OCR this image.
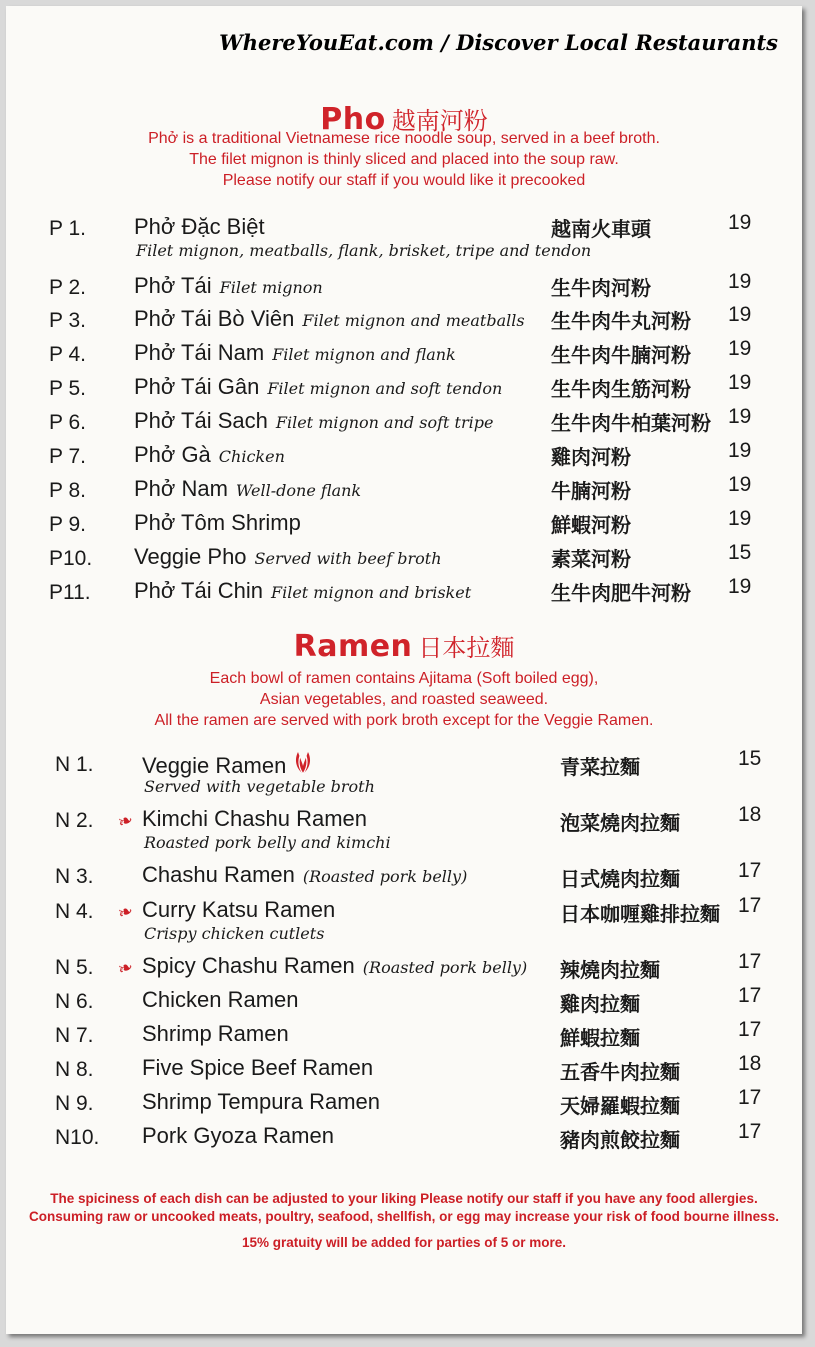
WhereYouEat.com / Discover Local Restaurants
Pho 越南河粉
Phở is a traditional Vietnamese rice noodle soup, served in a beef broth.
The filet mignon is thinly sliced and placed into the soup raw.
Please notify our staff if you would like it precooked
P 1. Phở Đặc Biệt
Filet mignon, meatballs, flank, brisket, tripe and tendon
越南火車頭	19
P 2. Phở Tái Filet mignon	生牛肉河粉	19
P 3. Phở Tái Bò Viên Filet mignon and meatballs 生牛肉牛丸河粉 19
P 4. Phở Tái Nam Filet mignon and flank	生牛肉牛腩河粉 19
P 5. Phở Tái Gân Filet mignon and soft tendon 生牛肉生筋河粉 19
P 6. Phở Tái Sach Filet mignon and soft tripe	生牛肉牛柏葉河粉 19
P 7. Phở Gà Chicken	雞肉河粉	19
P 8. Phở Nam Well-done flank	牛腩河粉	19
P 9. Phở Tôm Shrimp	鮮蝦河粉	19
P10. Veggie Pho Served with beef broth	素菜河粉	15
P11. Phở Tái Chin Filet mignon and brisket	生牛肉肥牛河粉 19
Ramen 日本拉麵
Each bowl of ramen contains Ajitama (Soft boiled egg),
Asian vegetables, and roasted seaweed.
All the ramen are served with pork broth except for the Veggie Ramen.
N 1. Veggie Ramen
Served with vegetable broth
青菜拉麵	15
N 2. ❧ Kimchi Chashu Ramen
Roasted pork belly and kimchi
泡菜燒肉拉麵	18
N 3. Chashu Ramen (Roasted pork belly)	日式燒肉拉麵	17
N 4. ❧ Curry Katsu Ramen
Crispy chicken cutlets
日本咖喱雞排拉麵 17
N 5. ❧ Spicy Chashu Ramen (Roasted pork belly) 辣燒肉拉麵	17
N 6. Chicken Ramen	雞肉拉麵	17
N 7. Shrimp Ramen	鮮蝦拉麵	17
N 8. Five Spice Beef Ramen	五香牛肉拉麵	18
N 9. Shrimp Tempura Ramen	天婦羅蝦拉麵	17
N10. Pork Gyoza Ramen	豬肉煎餃拉麵	17
The spiciness of each dish can be adjusted to your liking Please notify our staff if you have any food allergies.
Consuming raw or uncooked meats, poultry, seafood, shellfish, or egg may increase your risk of food bourne illness.
15% gratuity will be added for parties of 5 or more.
